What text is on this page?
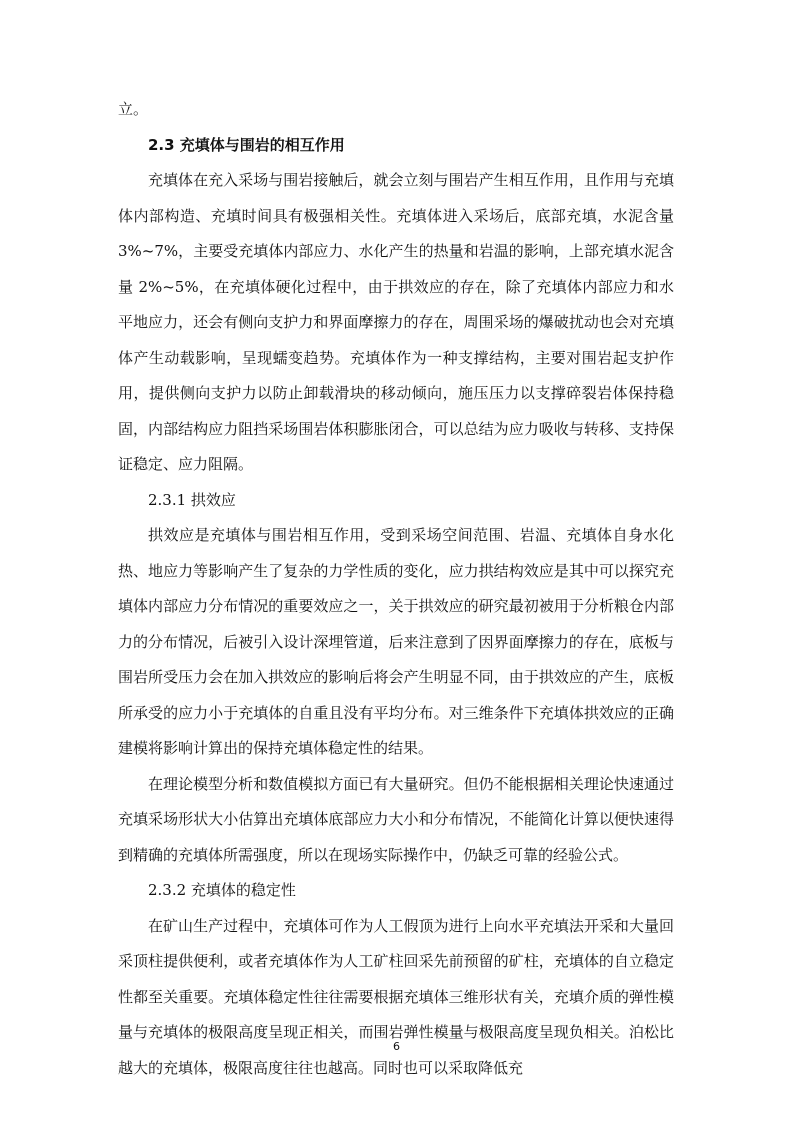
立。

2.3 充填体与围岩的相互作用

充填体在充入采场与围岩接触后，就会立刻与围岩产生相互作用，且作用与充填体内部构造、充填时间具有极强相关性。充填体进入采场后，底部充填，水泥含量 3%~7%，主要受充填体内部应力、水化产生的热量和岩温的影响，上部充填水泥含量 2%~5%，在充填体硬化过程中，由于拱效应的存在，除了充填体内部应力和水平地应力，还会有侧向支护力和界面摩擦力的存在，周围采场的爆破扰动也会对充填体产生动载影响，呈现蠕变趋势。充填体作为一种支撑结构，主要对围岩起支护作用，提供侧向支护力以防止卸载滑块的移动倾向，施压压力以支撑碎裂岩体保持稳固，内部结构应力阻挡采场围岩体积膨胀闭合，可以总结为应力吸收与转移、支持保证稳定、应力阻隔。

2.3.1 拱效应

拱效应是充填体与围岩相互作用，受到采场空间范围、岩温、充填体自身水化热、地应力等影响产生了复杂的力学性质的变化，应力拱结构效应是其中可以探究充填体内部应力分布情况的重要效应之一，关于拱效应的研究最初被用于分析粮仓内部力的分布情况，后被引入设计深埋管道，后来注意到了因界面摩擦力的存在，底板与围岩所受压力会在加入拱效应的影响后将会产生明显不同，由于拱效应的产生，底板所承受的应力小于充填体的自重且没有平均分布。对三维条件下充填体拱效应的正确建模将影响计算出的保持充填体稳定性的结果。

在理论模型分析和数值模拟方面已有大量研究。但仍不能根据相关理论快速通过充填采场形状大小估算出充填体底部应力大小和分布情况，不能简化计算以便快速得到精确的充填体所需强度，所以在现场实际操作中，仍缺乏可靠的经验公式。

2.3.2 充填体的稳定性

在矿山生产过程中，充填体可作为人工假顶为进行上向水平充填法开采和大量回采顶柱提供便利，或者充填体作为人工矿柱回采先前预留的矿柱，充填体的自立稳定性都至关重要。充填体稳定性往往需要根据充填体三维形状有关，充填介质的弹性模量与充填体的极限高度呈现正相关，而围岩弹性模量与极限高度呈现负相关。泊松比越大的充填体，极限高度往往也越高。同时也可以采取降低充

6
